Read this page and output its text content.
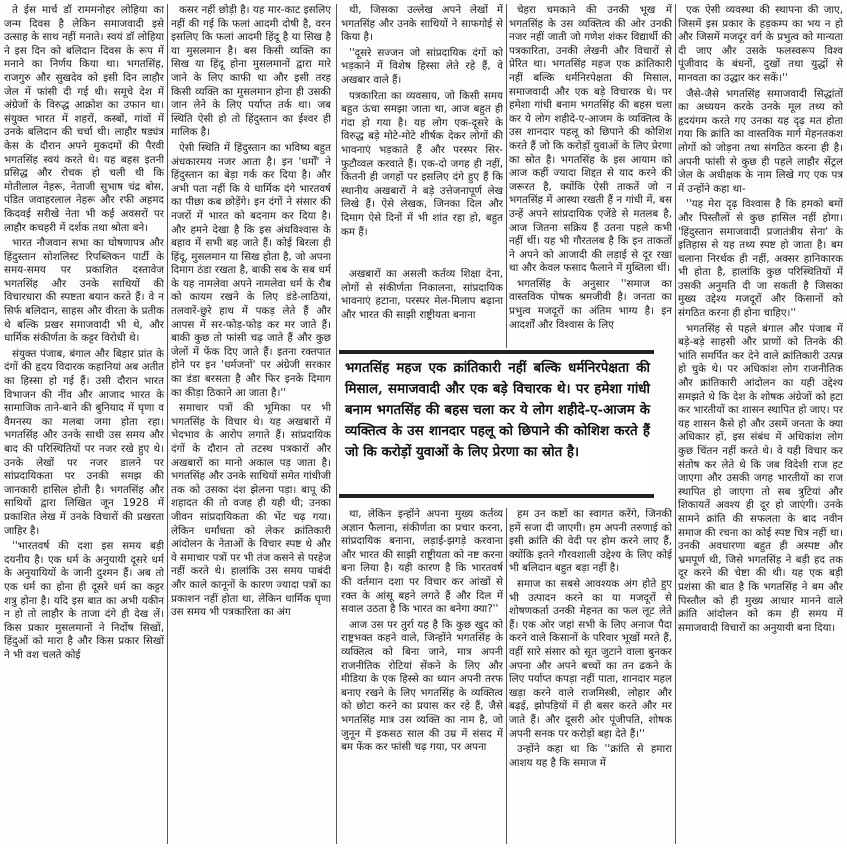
ते ईस मार्च डॉ राममनोहर लोहिया का जन्म दिवस है लेकिन समाजवादी इसे उत्साह के साथ नहीं मनाते। स्वयं डॉ लोहिया ने इस दिन को बलिदान दिवस के रूप में मनाने का निर्णय किया था। भगतसिंह, राजगुरु और सुखदेव को इसी दिन लाहौर जेल में फांसी दी गई थी। समूचे देश में अंग्रेजों के विरुद्ध आक्रोश का उफान था। संयुक्त भारत में शहरों, कस्बों, गांवों में उनके बलिदान की चर्चा थी। लाहौर षड्यंत्र केस के दौरान अपने मुकदमों की पैरवी भगतसिंह स्वयं करते थे। यह बहस इतनी प्रसिद्ध और रोचक हो चली थी कि मोतीलाल नेहरू, नेताजी सुभाष चंद्र बोस, पंडित जवाहरलाल नेहरू और रफी अहमद किदवई सरीखे नेता भी कई अवसरों पर लाहौर कचहरी में दर्शक तथा श्रोता बने।

भारत नौजवान सभा का घोषणापत्र और हिंदुस्तान सोशलिस्ट रिपब्लिकन पार्टी के समय-समय पर प्रकाशित दस्तावेज भगतसिंह और उनके साथियों की विचारधारा की स्पष्टता बयान करते हैं। वे न सिर्फ बलिदान, साहस और वीरता के प्रतीक थे बल्कि प्रखर समाजवादी भी थे, और धार्मिक संकीर्णता के कट्टर विरोधी थे।

संयुक्त पंजाब, बंगाल और बिहार प्रांत के दंगों की हृदय विदारक कहानियां अब अतीत का हिस्सा हो गई हैं। उसी दौरान भारत विभाजन की नींव और आजाद भारत के सामाजिक ताने-बाने की बुनियाद में घृणा व वैमनस्य का मलबा जमा होता रहा। भगतसिंह और उनके साथी उस समय और बाद की परिस्थितियों पर नजर रखे हुए थे। उनके लेखों पर नजर डालने पर सांप्रदायिकता पर उनकी समझ की जानकारी हासिल होती है। भगतसिंह और साथियों द्वारा लिखित जून 1928 में प्रकाशित लेख में उनके विचारों की प्रखरता जाहिर है।

''भारतवर्ष की दशा इस समय बड़ी दयनीय है। एक धर्म के अनुयायी दूसरे धर्म के अनुयायियों के जानी दुश्मन हैं। अब तो एक धर्म का होना ही दूसरे धर्म का कट्टर शत्रु होना है। यदि इस बात का अभी यकीन न हो तो लाहौर के ताजा दंगे ही देख लें। किस प्रकार मुसलमानों ने निर्दोष सिखों, हिंदुओं को मारा है और किस प्रकार सिखों ने भी वश चलते कोई

कसर नहीं छोड़ी है। यह मार-काट इसलिए नहीं की गई कि फलां आदमी दोषी है, वरन इसलिए कि फलां आदमी हिंदू है या सिख है या मुसलमान है। बस किसी व्यक्ति का सिख या हिंदू होना मुसलमानों द्वारा मारे जाने के लिए काफी था और इसी तरह किसी व्यक्ति का मुसलमान होना ही उसकी जान लेने के लिए पर्याप्त तर्क था। जब स्थिति ऐसी हो तो हिंदुस्तान का ईश्वर ही मालिक है।

ऐसी स्थिति में हिंदुस्तान का भविष्य बहुत अंधकारमय नजर आता है। इन 'धर्मों' ने हिंदुस्तान का बेड़ा गर्क कर दिया है। और अभी पता नहीं कि ये धार्मिक दंगे भारतवर्ष का पीछा कब छोड़ेंगे। इन दंगों ने संसार की नजरों में भारत को बदनाम कर दिया है। और हमने देखा है कि इस अंधविश्वास के बहाव में सभी बह जाते हैं। कोई बिरला ही हिंदू, मुसलमान या सिख होता है, जो अपना दिमाग ठंडा रखता है, बाकी सब के सब धर्म के यह नामलेवा अपने नामलेवा धर्म के रौब को कायम रखने के लिए डंडे-लाठियां, तलवारें-छुरे हाथ में पकड़ लेते हैं और आपस में सर-फोड़-फोड़ कर मर जाते हैं। बाकी कुछ तो फांसी चढ़ जाते हैं और कुछ जेलों में फेंक दिए जाते हैं। इतना रक्तपात होने पर इन 'धर्मजनों' पर अंग्रेजी सरकार का डंडा बरसता है और फिर इनके दिमाग का कीड़ा ठिकाने आ जाता है।''

समाचार पत्रों की भूमिका पर भी भगतसिंह के विचार थे। यह अखबारों में भेदभाव के आरोप लगाते हैं। सांप्रदायिक दंगों के दौरान तो तटस्थ पत्रकारों और अखबारों का मानो अकाल पड़ जाता है। भगतसिंह और उनके साथियों समेत गांधीजी तक को उसका दंश झेलना पड़ा। बापू की शहादत की तो वजह ही यही थी; उनका जीवन सांप्रदायिकता की भेंट चढ़ गया। लेकिन धर्मांधता को लेकर क्रांतिकारी आंदोलन के नेताओं के विचार स्पष्ट थे और वे समाचार पत्रों पर भी तंज कसने से परहेज नहीं करते थे। हालांकि उस समय पाबंदी और काले कानूनों के कारण ज्यादा पत्रों का प्रकाशन नहीं होता था, लेकिन धार्मिक घृणा उस समय भी पत्रकारिता का अंग

थी, जिसका उल्लेख अपने लेखों में भगतसिंह और उनके साथियों ने साफगोई से किया है।

''दूसरे सज्जन जो सांप्रदायिक दंगों को भड़काने में विशेष हिस्सा लेते रहे हैं, वे अखबार वाले हैं।

पत्रकारिता का व्यवसाय, जो किसी समय बहुत ऊंचा समझा जाता था, आज बहुत ही गंदा हो गया है। यह लोग एक-दूसरे के विरुद्ध बड़े मोटे-मोटे शीर्षक देकर लोगों की भावनाएं भड़काते हैं और परस्पर सिर-फुटौव्वल करवाते हैं। एक-दो जगह ही नहीं, कितनी ही जगहों पर इसलिए दंगे हुए हैं कि स्थानीय अखबारों ने बड़े उत्तेजनापूर्ण लेख लिखे हैं। ऐसे लेखक, जिनका दिल और दिमाग ऐसे दिनों में भी शांत रहा हो, बहुत कम हैं।

अखबारों का असली कर्तव्य शिक्षा देना, लोगों से संकीर्णता निकालना, सांप्रदायिक भावनाएं हटाना, परस्पर मेल-मिलाप बढ़ाना और भारत की साझी राष्ट्रीयता बनाना

चेहरा चमकाने की उनकी भूख में भगतसिंह के उस व्यक्तित्व की ओर उनकी नजर नहीं जाती जो गणेश शंकर विद्यार्थी की पत्रकारिता, उनकी लेखनी और विचारों से प्रेरित था। भगतसिंह महज एक क्रांतिकारी नहीं बल्कि धर्मनिरपेक्षता की मिसाल, समाजवादी और एक बड़े विचारक थे। पर हमेशा गांधी बनाम भगतसिंह की बहस चला कर ये लोग शहीदे-ए-आजम के व्यक्तित्व के उस शानदार पहलू को छिपाने की कोशिश करते हैं जो कि करोड़ों युवाओं के लिए प्रेरणा का स्रोत है। भगतसिंह के इस आयाम को आज कहीं ज्यादा शिद्दत से याद करने की जरूरत है, क्योंकि ऐसी ताकतें जो न भगतसिंह में आस्था रखती हैं न गांधी में, बस उन्हें अपने सांप्रदायिक एजेंडे से मतलब है, आज जितना सक्रिय हैं उतना पहले कभी नहीं थीं। यह भी गौरतलब है कि इन ताकतों ने अपने को आजादी की लड़ाई से दूर रखा था और केवल फसाद फैलाने में मुब्तिला थीं।

भगतसिंह के अनुसार ''समाज का वास्तविक पोषक श्रमजीवी है। जनता का प्रभुत्व मजदूरों का अंतिम भाग्य है। इन आदर्शों और विश्वास के लिए

भगतसिंह महज एक क्रांतिकारी नहीं बल्कि धर्मनिरपेक्षता की मिसाल, समाजवादी और एक बड़े विचारक थे। पर हमेशा गांधी बनाम भगतसिंह की बहस चला कर ये लोग शहीदे-ए-आजम के व्यक्तित्व के उस शानदार पहलू को छिपाने की कोशिश करते हैं जो कि करोड़ों युवाओं के लिए प्रेरणा का स्रोत है।

था, लेकिन इन्होंने अपना मुख्य कर्तव्य अज्ञान फैलाना, संकीर्णता का प्रचार करना, सांप्रदायिक बनाना, लड़ाई-झगड़े करवाना और भारत की साझी राष्ट्रीयता को नष्ट करना बना लिया है। यही कारण है कि भारतवर्ष की वर्तमान दशा पर विचार कर आंखों से रक्त के आंसू बहने लगते हैं और दिल में सवाल उठता है कि भारत का बनेगा क्या?''

आज उस पर तुर्रा यह है कि कुछ खुद को राष्ट्रभक्त कहने वाले, जिन्होंने भगतसिंह के व्यक्तित्व को बिना जाने, मात्र अपनी राजनीतिक रोटियां सेंकने के लिए और मीडिया के एक हिस्से का ध्यान अपनी तरफ बनाए रखने के लिए भगतसिंह के व्यक्तित्व को छोटा करने का प्रयास कर रहे हैं, जैसे भगतसिंह मात्र उस व्यक्ति का नाम है, जो जुनून में इकसठ साल की उम्र में संसद में बम फेंक कर फांसी चढ़ गया, पर अपना

हम उन कष्टों का स्वागत करेंगे, जिनकी हमें सजा दी जाएगी। हम अपनी तरुणाई को इसी क्रांति की वेदी पर होम करने लाए हैं, क्योंकि इतने गौरवशाली उद्देश्य के लिए कोई भी बलिदान बहुत बड़ा नहीं है।

समाज का सबसे आवश्यक अंग होते हुए भी उत्पादन करने का या मजदूरों से शोषणकर्ता उनकी मेहनत का फल लूट लेते हैं। एक ओर जहां सभी के लिए अनाज पैदा करने वाले किसानों के परिवार भूखों मरते हैं, वहीं सारे संसार को सूत जुटाने वाला बुनकर अपना और अपने बच्चों का तन ढकने के लिए पर्याप्त कपड़ा नहीं पाता, शानदार महल खड़ा करने वाले राजमिस्त्री, लोहार और बढ़ई, झोपड़ियों में ही बसर करते और मर जाते हैं। और दूसरी ओर पूंजीपति, शोषक अपनी सनक पर करोड़ों बहा देते हैं।''

उन्होंने कहा था कि ''क्रांति से हमारा आशय यह है कि समाज में

एक ऐसी व्यवस्था की स्थापना की जाए, जिसमें इस प्रकार के हड़कम्प का भय न हो और जिसमें मजदूर वर्ग के प्रभुत्व को मान्यता दी जाए और उसके फलस्वरूप विश्व पूंजीवाद के बंधनों, दुखों तथा युद्धों से मानवता का उद्धार कर सकें।''

जैसे-जैसे भगतसिंह समाजवादी सिद्धांतों का अध्ययन करके उनके मूल तथ्य को हृदयंगम करते गए उनका यह दृढ़ मत होता गया कि क्रांति का वास्तविक मार्ग मेहनतकश लोगों को जोड़ना तथा संगठित करना ही है। अपनी फांसी से कुछ ही पहले लाहौर सेंट्रल जेल के अधीक्षक के नाम लिखे गए एक पत्र में उन्होंने कहा था-

''यह मेरा दृढ़ विश्वास है कि हमको बमों और पिस्तौलों से कुछ हासिल नहीं होगा। 'हिंदुस्तान समाजवादी प्रजातंत्रीय सेना' के इतिहास से यह तथ्य स्पष्ट हो जाता है। बम चलाना निरर्थक ही नहीं, अक्सर हानिकारक भी होता है, हालांकि कुछ परिस्थितियों में उसकी अनुमति दी जा सकती है जिसका मुख्य उद्देश्य मजदूरों और किसानों को संगठित करना ही होना चाहिए।''

भगतसिंह से पहले बंगाल और पंजाब में बड़े-बड़े साहसी और प्राणों को तिनके की भांति समर्पित कर देने वाले क्रांतिकारी उत्पन्न हो चुके थे। पर अधिकांश लोग राजनीतिक और क्रांतिकारी आंदोलन का यही उद्देश्य समझते थे कि देश के शोषक अंग्रेजों को हटा कर भारतीयों का शासन स्थापित हो जाए। पर यह शासन कैसे हो और उसमें जनता के क्या अधिकार हों, इस संबंध में अधिकांश लोग कुछ चिंतन नहीं करते थे। वे यही विचार कर संतोष कर लेते थे कि जब विदेशी राज हट जाएगा और उसकी जगह भारतीयों का राज स्थापित हो जाएगा तो सब त्रुटियां और शिकायतें अवश्य ही दूर हो जाएंगी। उनके सामने क्रांति की सफलता के बाद नवीन समाज की रचना का कोई स्पष्ट चित्र नहीं था। उनकी अवधारणा बहुत ही अस्पष्ट और भ्रमपूर्ण थी, जिसे भगतसिंह ने बड़ी हद तक दूर करने की चेष्टा की थी। यह एक बड़ी प्रशंसा की बात है कि भगतसिंह ने बम और पिस्तौल को ही मुख्य आधार मानने वाले क्रांति आंदोलन को कम ही समय में समाजवादी विचारों का अनुयायी बना दिया।
